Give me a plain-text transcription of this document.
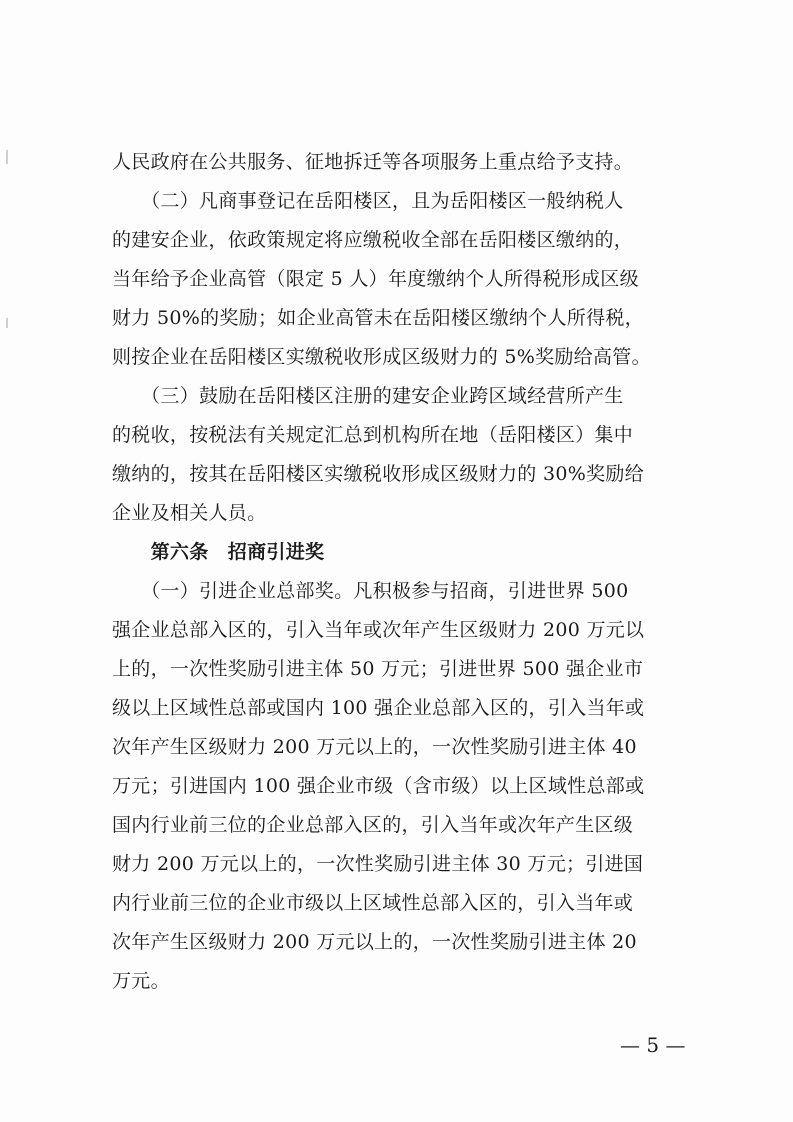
人民政府在公共服务、征地拆迁等各项服务上重点给予支持。
　　（二）凡商事登记在岳阳楼区，且为岳阳楼区一般纳税人
的建安企业，依政策规定将应缴税收全部在岳阳楼区缴纳的，
当年给予企业高管（限定 5 人）年度缴纳个人所得税形成区级
财力 50%的奖励；如企业高管未在岳阳楼区缴纳个人所得税，
则按企业在岳阳楼区实缴税收形成区级财力的 5%奖励给高管。
　　（三）鼓励在岳阳楼区注册的建安企业跨区域经营所产生
的税收，按税法有关规定汇总到机构所在地（岳阳楼区）集中
缴纳的，按其在岳阳楼区实缴税收形成区级财力的 30%奖励给
企业及相关人员。
　　第六条　招商引进奖
　　（一）引进企业总部奖。凡积极参与招商，引进世界 500
强企业总部入区的，引入当年或次年产生区级财力 200 万元以
上的，一次性奖励引进主体 50 万元；引进世界 500 强企业市
级以上区域性总部或国内 100 强企业总部入区的，引入当年或
次年产生区级财力 200 万元以上的，一次性奖励引进主体 40
万元；引进国内 100 强企业市级（含市级）以上区域性总部或
国内行业前三位的企业总部入区的，引入当年或次年产生区级
财力 200 万元以上的，一次性奖励引进主体 30 万元；引进国
内行业前三位的企业市级以上区域性总部入区的，引入当年或
次年产生区级财力 200 万元以上的，一次性奖励引进主体 20
万元。
— 5 —
